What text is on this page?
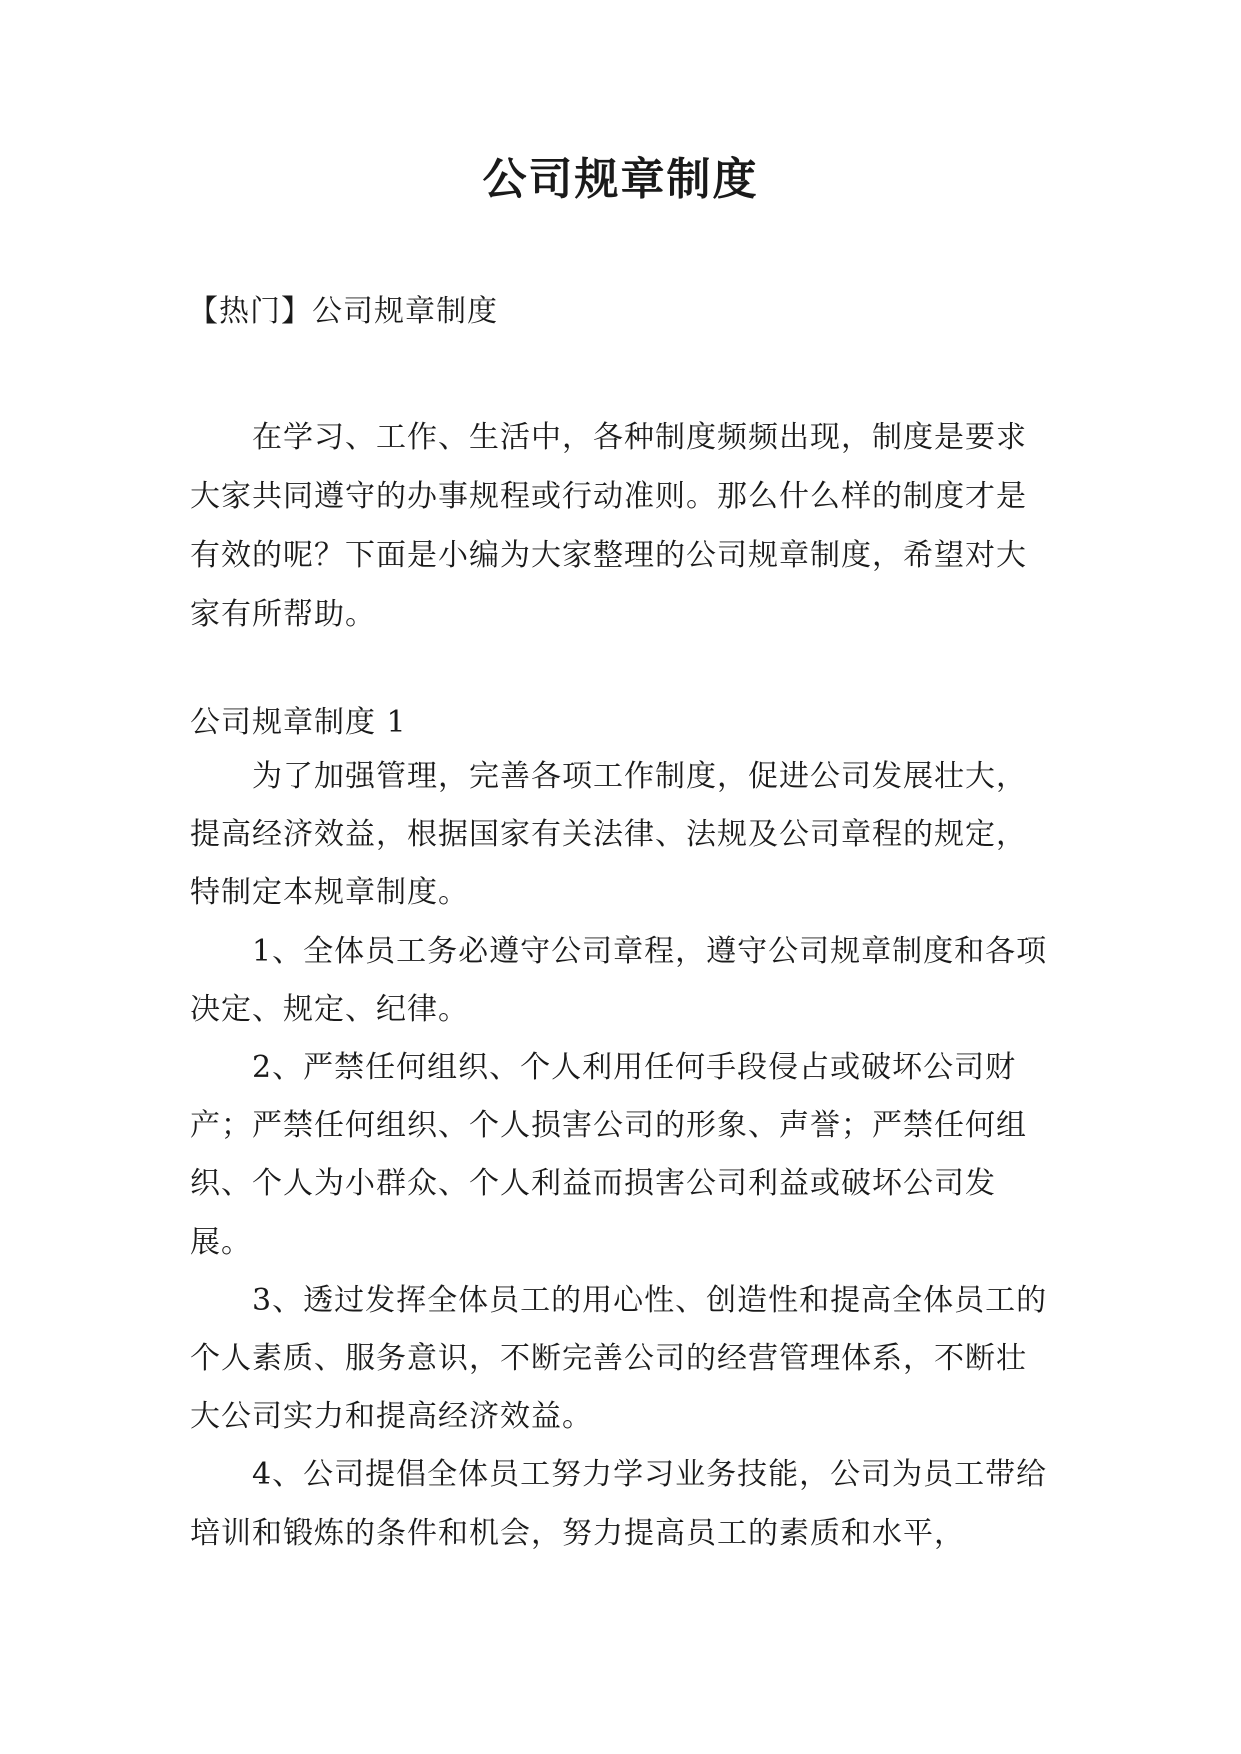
公司规章制度

【热门】公司规章制度

在学习、工作、生活中，各种制度频频出现，制度是要求大家共同遵守的办事规程或行动准则。那么什么样的制度才是有效的呢？下面是小编为大家整理的公司规章制度，希望对大家有所帮助。

公司规章制度 1

为了加强管理，完善各项工作制度，促进公司发展壮大，提高经济效益，根据国家有关法律、法规及公司章程的规定，特制定本规章制度。

1、全体员工务必遵守公司章程，遵守公司规章制度和各项决定、规定、纪律。

2、严禁任何组织、个人利用任何手段侵占或破坏公司财产；严禁任何组织、个人损害公司的形象、声誉；严禁任何组织、个人为小群众、个人利益而损害公司利益或破坏公司发展。

3、透过发挥全体员工的用心性、创造性和提高全体员工的个人素质、服务意识，不断完善公司的经营管理体系，不断壮大公司实力和提高经济效益。

4、公司提倡全体员工努力学习业务技能，公司为员工带给培训和锻炼的条件和机会，努力提高员工的素质和水平，
